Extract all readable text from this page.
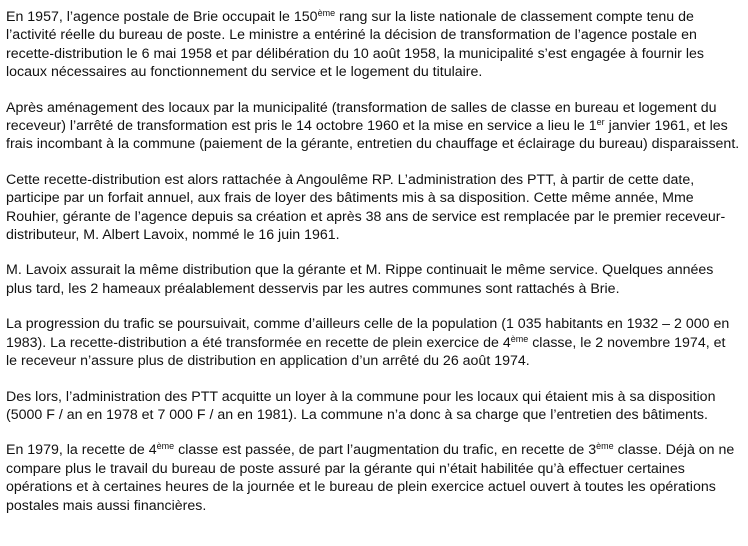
En 1957, l’agence postale de Brie occupait le 150ème rang sur la liste nationale de classement compte tenu de l’activité réelle du bureau de poste. Le ministre a entériné la décision de transformation de l’agence postale en recette-distribution le 6 mai 1958 et par délibération du 10 août 1958, la municipalité s’est engagée à fournir les locaux nécessaires au fonctionnement du service et le logement du titulaire.

Après aménagement des locaux par la municipalité (transformation de salles de classe en bureau et logement du receveur) l’arrêté de transformation est pris le 14 octobre 1960 et la mise en service a lieu le 1er janvier 1961, et les frais incombant à la commune (paiement de la gérante, entretien du chauffage et éclairage du bureau) disparaissent.

Cette recette-distribution est alors rattachée à Angoulême RP. L’administration des PTT, à partir de cette date, participe par un forfait annuel, aux frais de loyer des bâtiments mis à sa disposition. Cette même année, Mme Rouhier, gérante de l’agence depuis sa création et après 38 ans de service est remplacée par le premier receveur-distributeur, M. Albert Lavoix, nommé le 16 juin 1961.

M. Lavoix assurait la même distribution que la gérante et M. Rippe continuait le même service. Quelques années plus tard, les 2 hameaux préalablement desservis par les autres communes sont rattachés à Brie.

La progression du trafic se poursuivait, comme d’ailleurs celle de la population (1 035 habitants en 1932 – 2 000 en 1983). La recette-distribution a été transformée en recette de plein exercice de 4ème classe, le 2 novembre 1974, et le receveur n’assure plus de distribution en application d’un arrêté du 26 août 1974.

Des lors, l’administration des PTT acquitte un loyer à la commune pour les locaux qui étaient mis à sa disposition (5000 F / an en 1978 et 7 000 F / an en 1981). La commune n’a donc à sa charge que l’entretien des bâtiments.

En 1979, la recette de 4ème classe est passée, de part l’augmentation du trafic, en recette de 3ème classe. Déjà on ne compare plus le travail du bureau de poste assuré par la gérante qui n’était habilitée qu’à effectuer certaines opérations et à certaines heures de la journée et le bureau de plein exercice actuel ouvert à toutes les opérations postales mais aussi financières.
